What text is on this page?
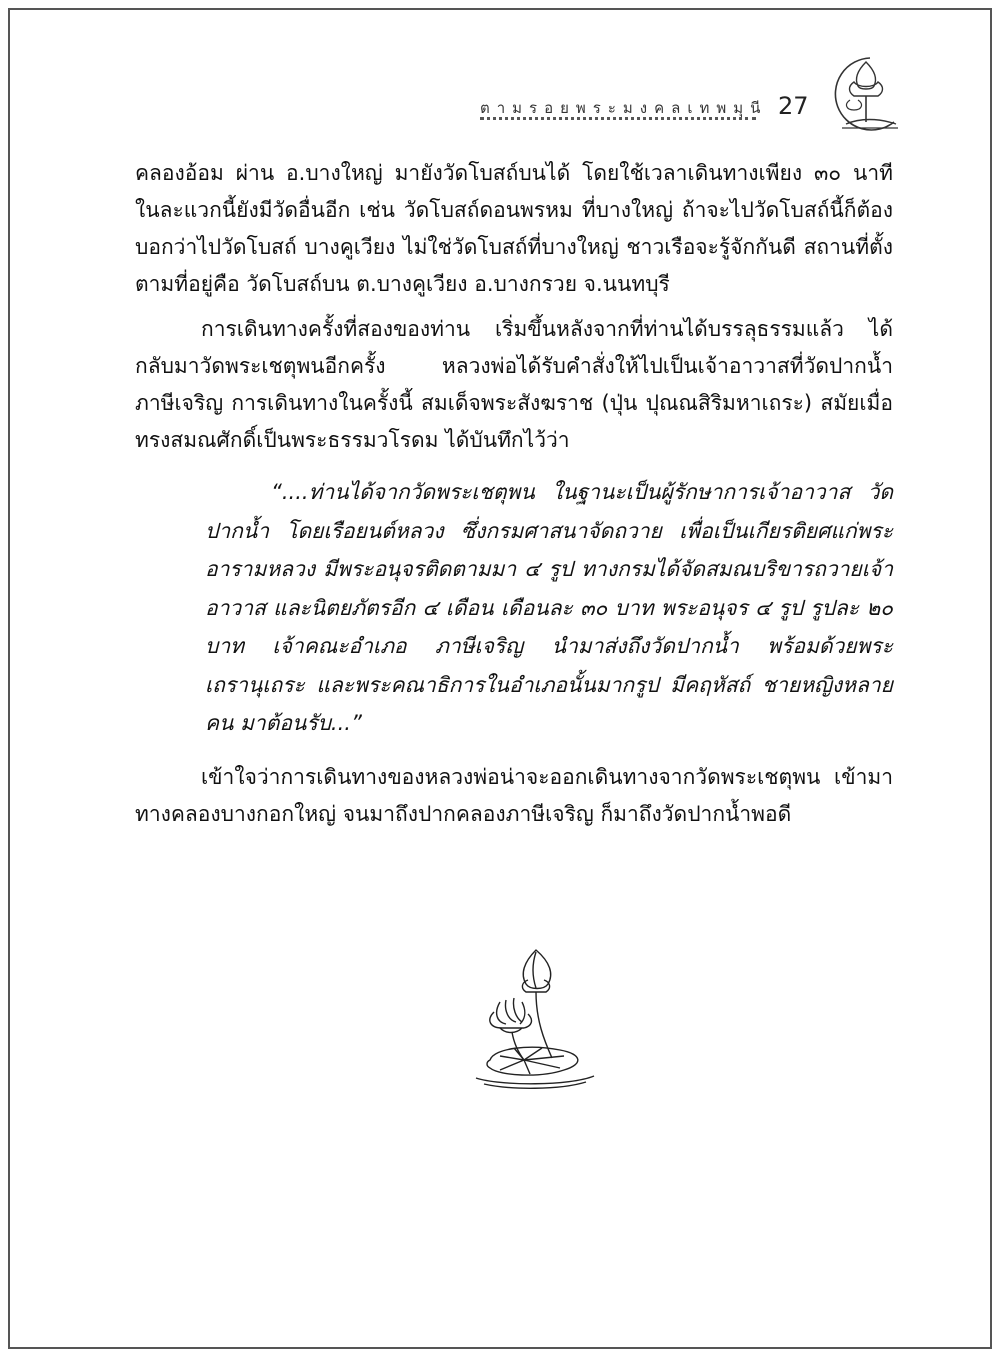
ตามรอยพระมงคลเทพมุนี 27

คลองอ้อม ผ่าน อ.บางใหญ่ มายังวัดโบสถ์บนได้ โดยใช้เวลาเดินทางเพียง ๓๐ นาที ในละแวกนี้ยังมีวัดอื่นอีก เช่น วัดโบสถ์ดอนพรหม ที่บางใหญ่ ถ้าจะไปวัดโบสถ์นี้ก็ต้องบอกว่าไปวัดโบสถ์ บางคูเวียง ไม่ใช่วัดโบสถ์ที่บางใหญ่ ชาวเรือจะรู้จักกันดี สถานที่ตั้งตามที่อยู่คือ วัดโบสถ์บน ต.บางคูเวียง อ.บางกรวย จ.นนทบุรี

การเดินทางครั้งที่สองของท่าน เริ่มขึ้นหลังจากที่ท่านได้บรรลุธรรมแล้ว ได้กลับมาวัดพระเชตุพนอีกครั้ง หลวงพ่อได้รับคำสั่งให้ไปเป็นเจ้าอาวาสที่วัดปากน้ำ ภาษีเจริญ การเดินทางในครั้งนี้ สมเด็จพระสังฆราช (ปุ่น ปุณณสิริมหาเถระ) สมัยเมื่อทรงสมณศักดิ์เป็นพระธรรมวโรดม ได้บันทึกไว้ว่า

“....ท่านได้จากวัดพระเชตุพน ในฐานะเป็นผู้รักษาการเจ้าอาวาส วัดปากน้ำ โดยเรือยนต์หลวง ซึ่งกรมศาสนาจัดถวาย เพื่อเป็นเกียรติยศแก่พระอารามหลวง มีพระอนุจรติดตามมา ๔ รูป ทางกรมได้จัดสมณบริขารถวายเจ้าอาวาส และนิตยภัตรอีก ๔ เดือน เดือนละ ๓๐ บาท พระอนุจร ๔ รูป รูปละ ๒๐ บาท เจ้าคณะอำเภอ ภาษีเจริญ นำมาส่งถึงวัดปากน้ำ พร้อมด้วยพระเถรานุเถระ และพระคณาธิการในอำเภอนั้นมากรูป มีคฤหัสถ์ ชายหญิงหลายคน มาต้อนรับ...”

เข้าใจว่าการเดินทางของหลวงพ่อน่าจะออกเดินทางจากวัดพระเชตุพน เข้ามาทางคลองบางกอกใหญ่ จนมาถึงปากคลองภาษีเจริญ ก็มาถึงวัดปากน้ำพอดี
